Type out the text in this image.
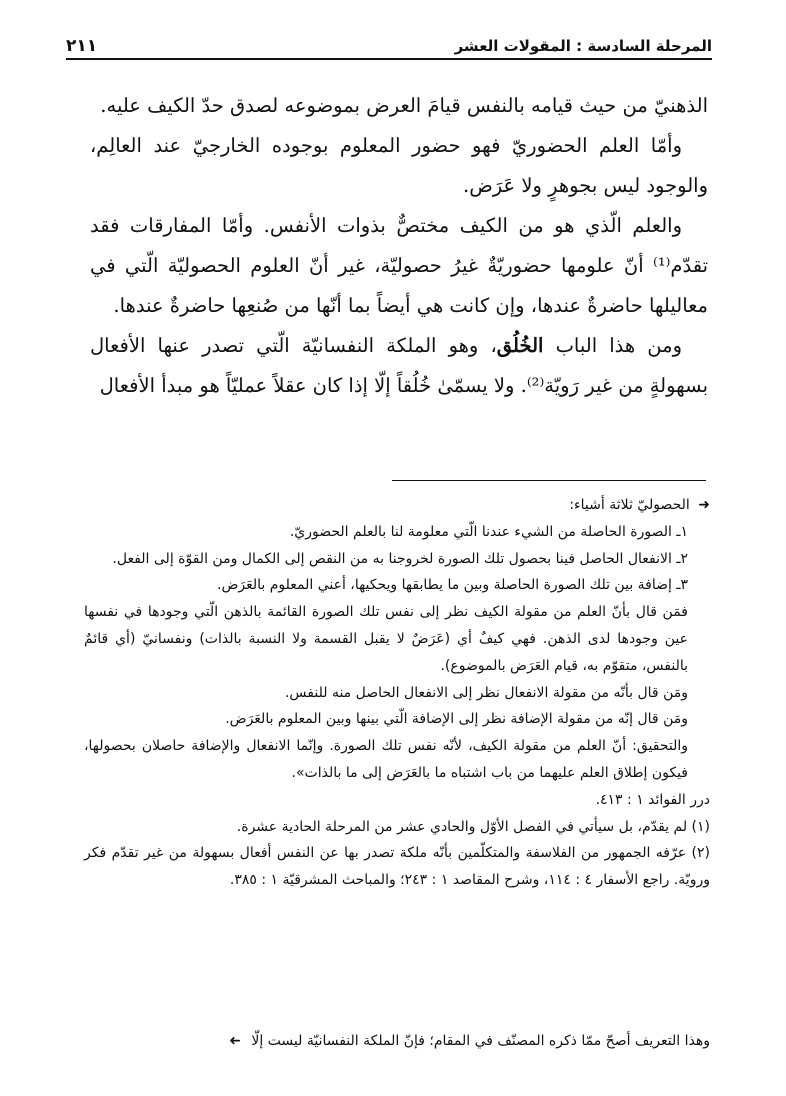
٢١١	المرحلة السادسة : المقولات العشر

الذهنيّ من حيث قيامه بالنفس قيامَ العرض بموضوعه لصدق حدّ الكيف عليه.

وأمّا العلم الحضوريّ فهو حضور المعلوم بوجوده الخارجيّ عند العالِم، والوجود ليس بجوهرٍ ولا عَرَض.

والعلم الّذي هو من الكيف مختصٌّ بذوات الأنفس. وأمّا المفارقات فقد تقدّم⁽¹⁾ أنّ علومها حضوريّةٌ غيرُ حصوليّة، غير أنّ العلوم الحصوليّة الّتي في معاليلها حاضرةٌ عندها، وإن كانت هي أيضاً بما أنّها من صُنعِها حاضرةٌ عندها.

ومن هذا الباب الخُلُق، وهو الملكة النفسانيّة الّتي تصدر عنها الأفعال بسهولةٍ من غير رَويّة⁽²⁾. ولا يسمّىٰ خُلُقاً إلّا إذا كان عقلاً عمليّاً هو مبدأ الأفعال

➜ الحصوليّ ثلاثة أشياء:

١ـ الصورة الحاصلة من الشيء عندنا الّتي معلومة لنا بالعلم الحضوريّ.

٢ـ الانفعال الحاصل فينا بحصول تلك الصورة لخروجنا به من النقص إلى الكمال ومن القوّة إلى الفعل.

٣ـ إضافة بين تلك الصورة الحاصلة وبين ما يطابقها ويحكيها، أعني المعلوم بالعَرَض.

فمَن قال بأنّ العلم من مقولة الكيف نظر إلى نفس تلك الصورة القائمة بالذهن الّتي وجودها في نفسها عين وجودها لدى الذهن. فهي كيفٌ أي (عَرَضٌ لا يقبل القسمة ولا النسبة بالذات) ونفسانيّ (أي قائمٌ بالنفس، متقوّم به، قيام العَرَض بالموضوع).

ومَن قال بأنّه من مقولة الانفعال نظر إلى الانفعال الحاصل منه للنفس.

ومَن قال إنّه من مقولة الإضافة نظر إلى الإضافة الّتي بينها وبين المعلوم بالعَرَض.

والتحقيق: أنّ العلم من مقولة الكيف، لأنّه نفس تلك الصورة. وإنّما الانفعال والإضافة حاصلان بحصولها، فيكون إطلاق العلم عليهما من باب اشتباه ما بالعَرَض إلى ما بالذات».

درر الفوائد ١ : ٤١٣.

(١) لم يقدّم، بل سيأتي في الفصل الأوّل والحادي عشر من المرحلة الحادية عشرة.

(٢) عرّفه الجمهور من الفلاسفة والمتكلّمين بأنّه ملكة تصدر بها عن النفس أفعال بسهولة من غير تقدّم فكر ورويّة. راجع الأسفار ٤ : ١١٤، وشرح المقاصد ١ : ٢٤٣؛ والمباحث المشرقيّة ١ : ٣٨٥.

وهذا التعريف أصحّ ممّا ذكره المصنّف في المقام؛ فإنّ الملكة النفسانيّة ليست إلّا ➜
